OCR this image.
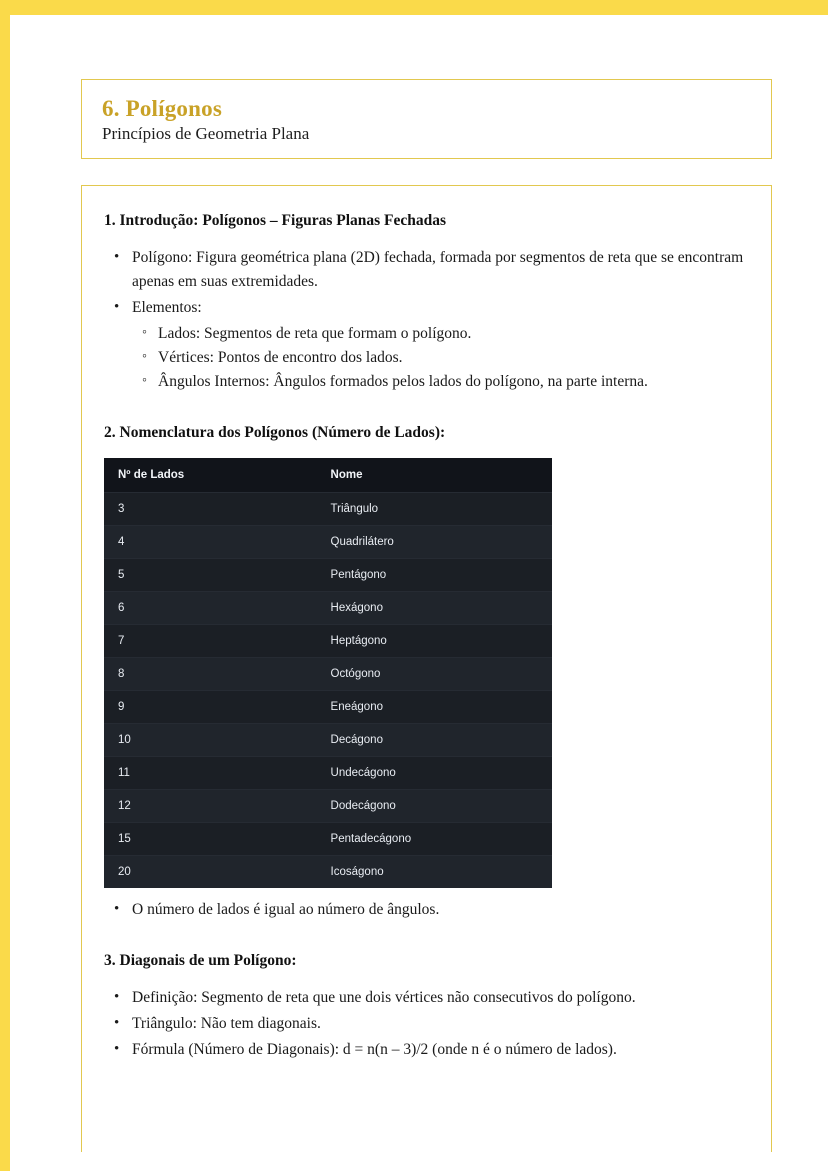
6. Polígonos

Princípios de Geometria Plana

1. Introdução: Polígonos – Figuras Planas Fechadas
• Polígono: Figura geométrica plana (2D) fechada, formada por segmentos de reta que se encontram apenas em suas extremidades.
• Elementos:
◦ Lados: Segmentos de reta que formam o polígono.
◦ Vértices: Pontos de encontro dos lados.
◦ Ângulos Internos: Ângulos formados pelos lados do polígono, na parte interna.
2. Nomenclatura dos Polígonos (Número de Lados):
Nº de Lados	Nome
3	Triângulo
4	Quadrilátero
5	Pentágono
6	Hexágono
7	Heptágono
8	Octógono
9	Eneágono
10	Decágono
11	Undecágono
12	Dodecágono
15	Pentadecágono
20	Icoságono
• O número de lados é igual ao número de ângulos.
3. Diagonais de um Polígono:
• Definição: Segmento de reta que une dois vértices não consecutivos do polígono.
• Triângulo: Não tem diagonais.
• Fórmula (Número de Diagonais): d = n(n – 3)/2 (onde n é o número de lados).
